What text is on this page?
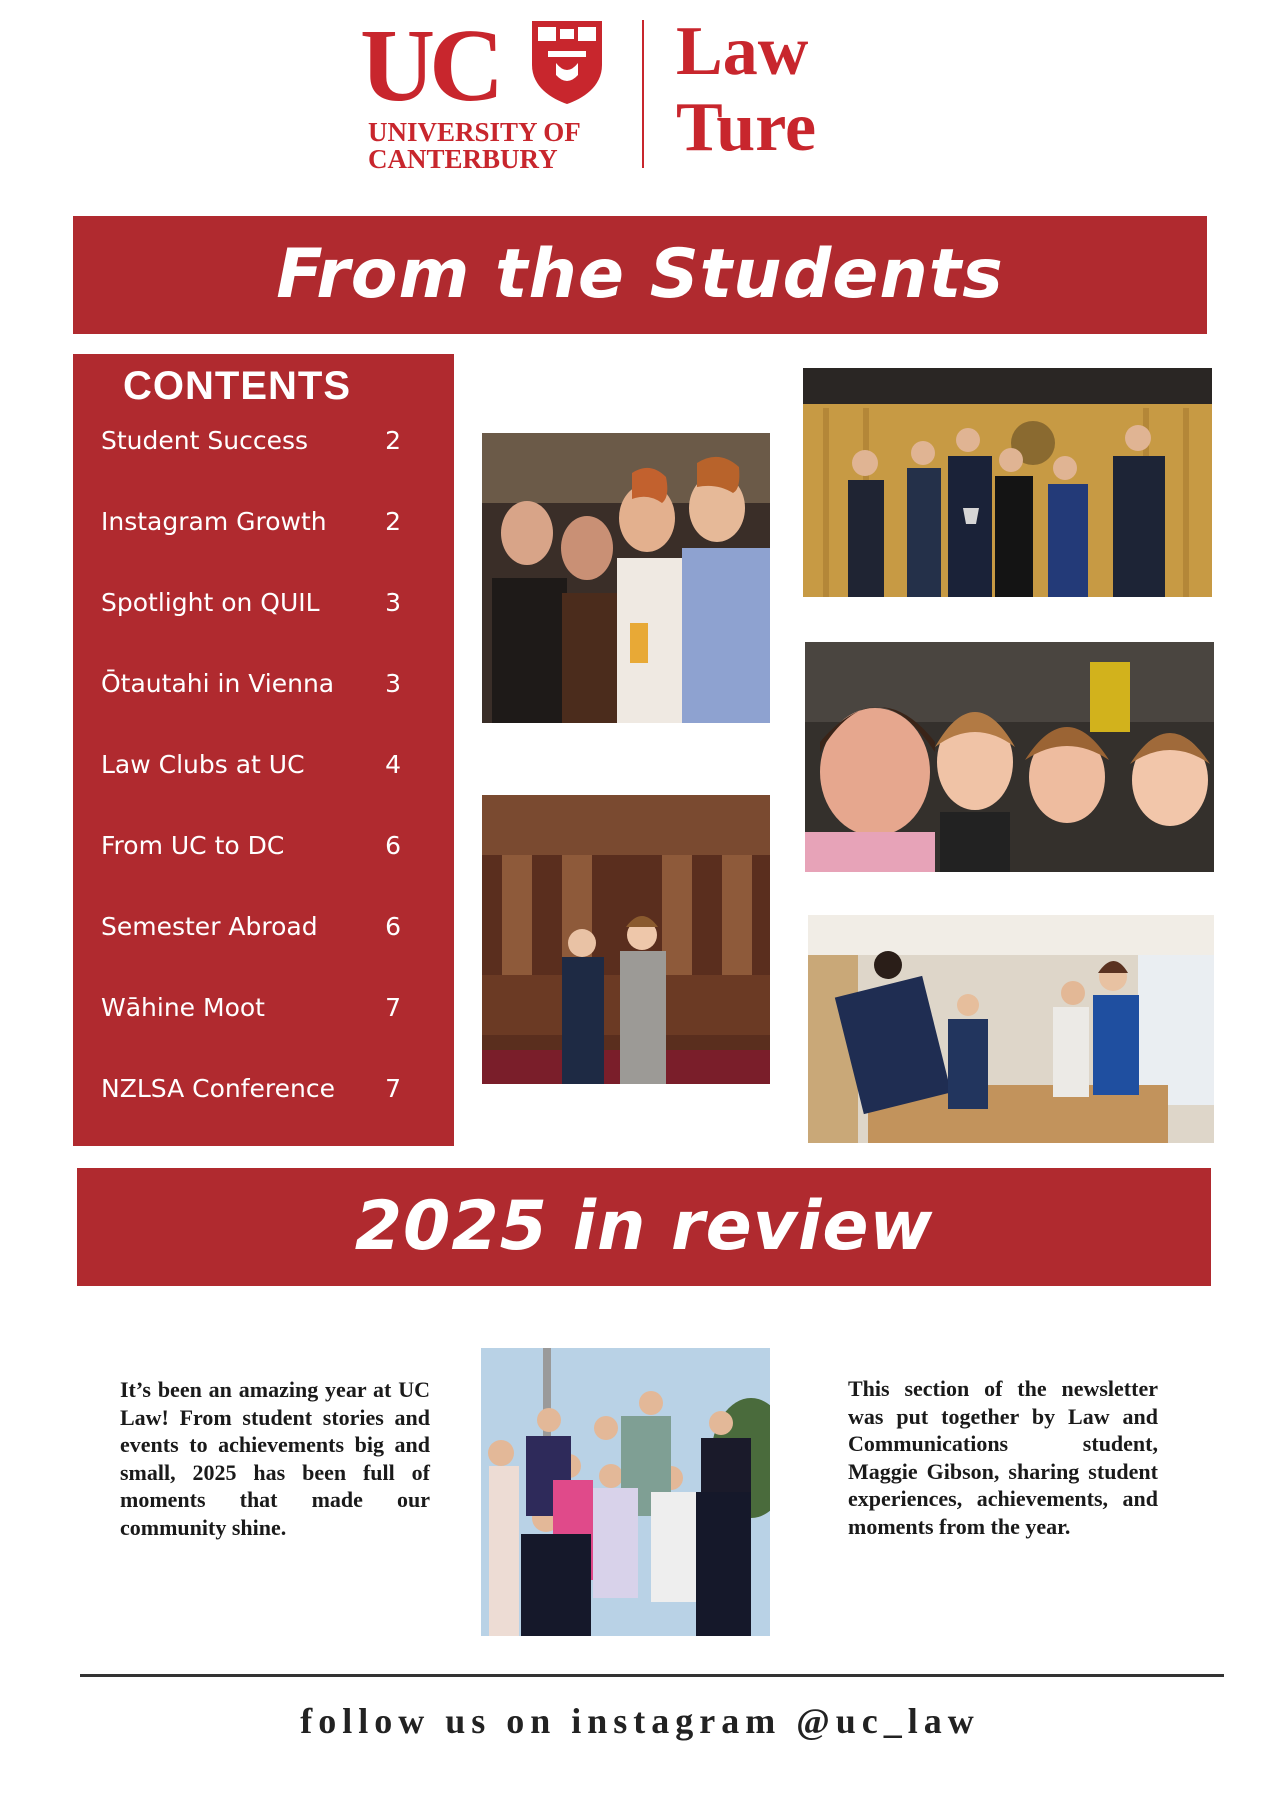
UC
UNIVERSITY OF
CANTERBURY
Law
Ture
From the Students
CONTENTS
Student Success	2
Instagram Growth 2
Spotlight on QUIL	3
Ōtautahi in Vienna 3
Law Clubs at UC	4
From UC to DC	6
Semester Abroad	6
Wāhine Moot	7
NZLSA Conference 7
2025 in review
It’s been an amazing year at UC Law! From student stories and events to achievements big and small, 2025 has been full of moments that made our community shine.
This section of the newsletter was put together by Law and Communications student, Maggie Gibson, sharing student experiences, achievements, and moments from the year.
follow us on instagram @uc_law
